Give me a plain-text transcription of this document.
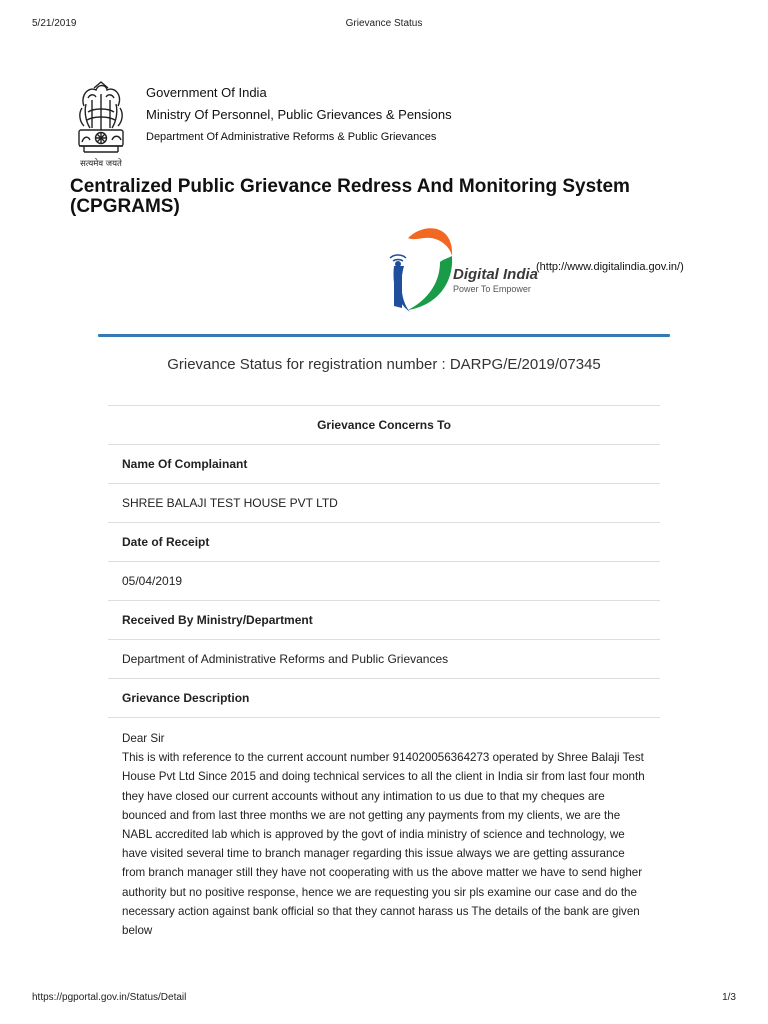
5/21/2019	Grievance Status
सत्यमेव जयते
Government Of India
Ministry Of Personnel, Public Grievances & Pensions
Department Of Administrative Reforms & Public Grievances
Centralized Public Grievance Redress And Monitoring System (CPGRAMS)
Digital India
Power To Empower
(http://www.digitalindia.gov.in/)
Grievance Status for registration number : DARPG/E/2019/07345
Grievance Concerns To
Name Of Complainant
SHREE BALAJI TEST HOUSE PVT LTD
Date of Receipt
05/04/2019
Received By Ministry/Department
Department of Administrative Reforms and Public Grievances
Grievance Description
Dear Sir
This is with reference to the current account number 914020056364273 operated by Shree Balaji Test House Pvt Ltd Since 2015 and doing technical services to all the client in India sir from last four month they have closed our current accounts without any intimation to us due to that my cheques are bounced and from last three months we are not getting any payments from my clients, we are the NABL accredited lab which is approved by the govt of india ministry of science and technology, we have visited several time to branch manager regarding this issue always we are getting assurance from branch manager still they have not cooperating with us the above matter we have to send higher authority but no positive response, hence we are requesting you sir pls examine our case and do the necessary action against bank official so that they cannot harass us The details of the bank are given below
https://pgportal.gov.in/Status/Detail	1/3
